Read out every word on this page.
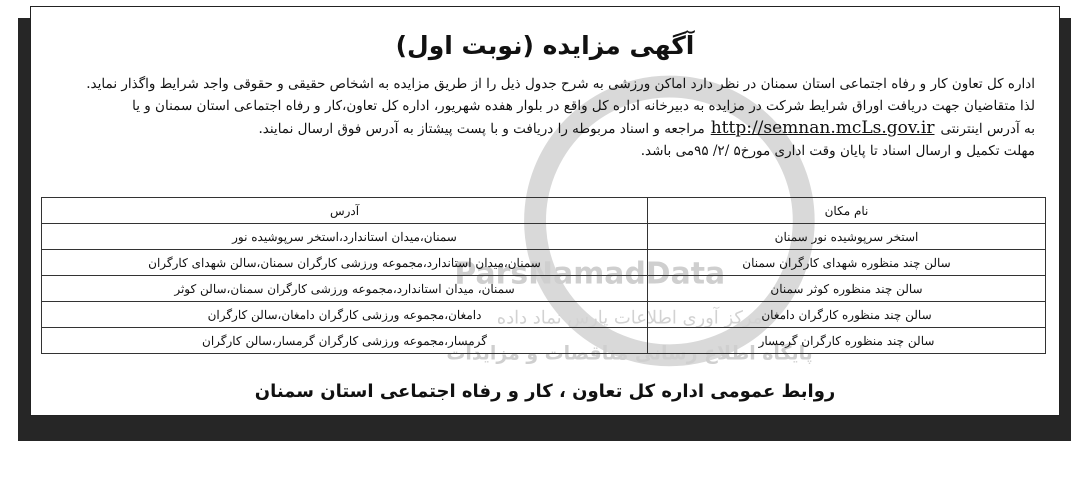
ParsNamadData
مرکز آوری اطلاعات پارس نماد داده
پایگاه اطلاع رسانی مناقصات و مزایدات
آگهی مزایده (نوبت اول)
اداره کل تعاون کار و رفاه اجتماعی استان سمنان در نظر دارد اماکن ورزشی به شرح جدول ذیل را از طریق مزایده به اشخاص حقیقی و حقوقی واجد شرایط واگذار نماید.
لذا متقاضیان جهت دریافت اوراق شرایط شرکت در مزایده به دبیرخانه اداره کل واقع در بلوار هفده شهریور، اداره کل تعاون،کار و رفاه اجتماعی استان سمنان و یا
به آدرس اینترنتیhttp://semnan.mcLs.gov.irمراجعه و اسناد مربوطه را دریافت و با پست پیشتاز به آدرس فوق ارسال نمایند.
مهلت تکمیل و ارسال اسناد تا پایان وقت اداری مورخ۵ /۲/ ۹۵می باشد.
نام مکان	آدرس
استخر سرپوشیده نور سمنان	سمنان،میدان استاندارد،استخر سرپوشیده نور
سالن چند منظوره شهدای کارگران سمنان	سمنان،میدان استاندارد،مجموعه ورزشی کارگران سمنان،سالن شهدای کارگران
سالن چند منظوره کوثر سمنان	سمنان، میدان استاندارد،مجموعه ورزشی کارگران سمنان،سالن کوثر
سالن چند منظوره کارگران دامغان	دامغان،مجموعه ورزشی کارگران دامغان،سالن کارگران
سالن چند منظوره کارگران گرمسار	گرمسار،مجموعه ورزشی کارگران گرمسار،سالن کارگران
روابط عمومی اداره کل تعاون ، کار و رفاه اجتماعی استان سمنان
